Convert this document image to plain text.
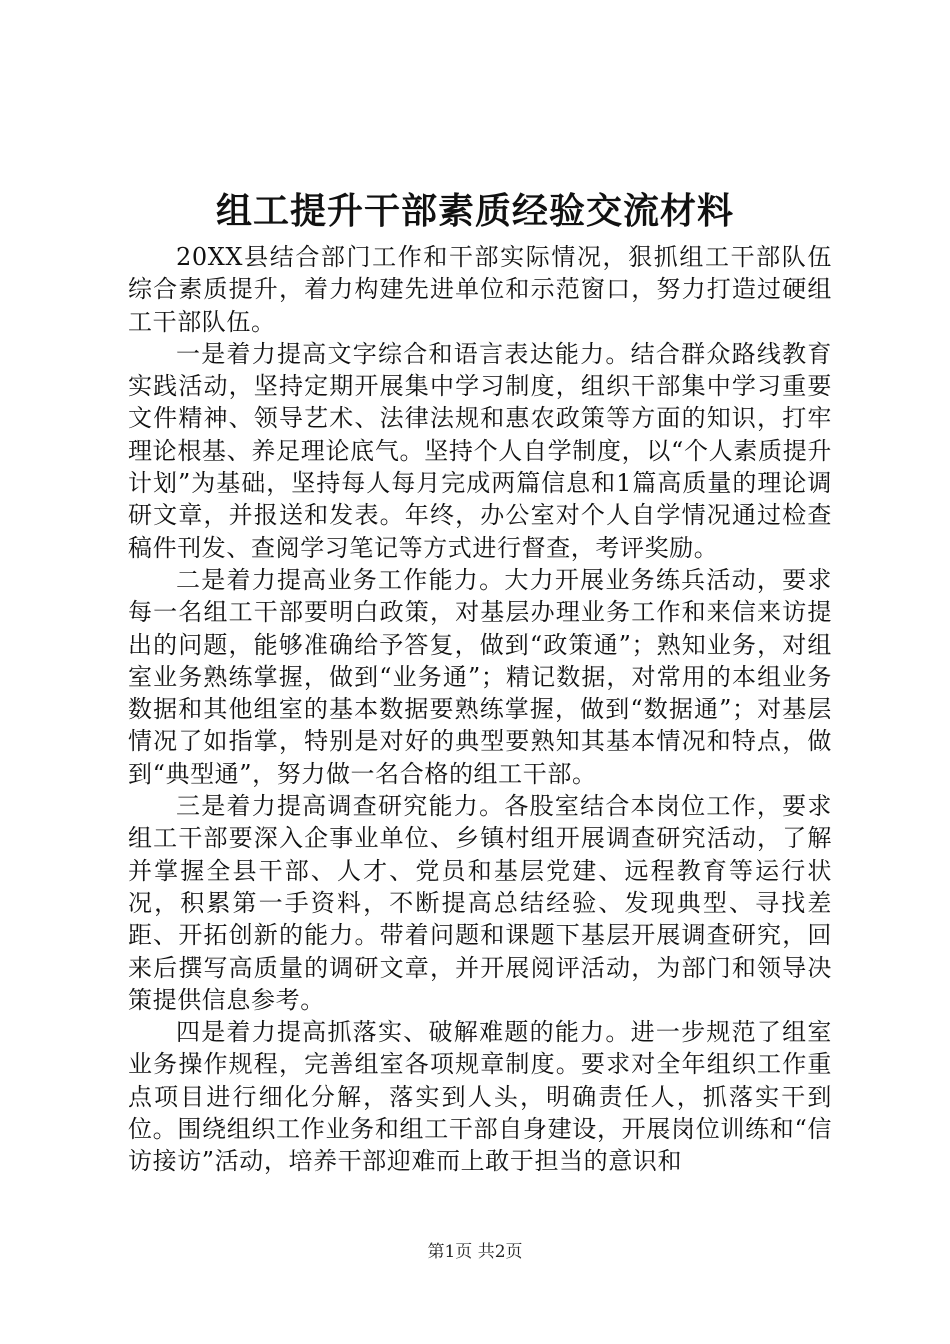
组工提升干部素质经验交流材料

20XX县结合部门工作和干部实际情况，狠抓组工干部队伍综合素质提升，着力构建先进单位和示范窗口，努力打造过硬组工干部队伍。

一是着力提高文字综合和语言表达能力。结合群众路线教育实践活动，坚持定期开展集中学习制度，组织干部集中学习重要文件精神、领导艺术、法律法规和惠农政策等方面的知识，打牢理论根基、养足理论底气。坚持个人自学制度，以“个人素质提升计划”为基础，坚持每人每月完成两篇信息和1篇高质量的理论调研文章，并报送和发表。年终，办公室对个人自学情况通过检查稿件刊发、查阅学习笔记等方式进行督查，考评奖励。

二是着力提高业务工作能力。大力开展业务练兵活动，要求每一名组工干部要明白政策，对基层办理业务工作和来信来访提出的问题，能够准确给予答复，做到“政策通”；熟知业务，对组室业务熟练掌握，做到“业务通”；精记数据，对常用的本组业务数据和其他组室的基本数据要熟练掌握，做到“数据通”；对基层情况了如指掌，特别是对好的典型要熟知其基本情况和特点，做到“典型通”，努力做一名合格的组工干部。

三是着力提高调查研究能力。各股室结合本岗位工作，要求组工干部要深入企事业单位、乡镇村组开展调查研究活动，了解并掌握全县干部、人才、党员和基层党建、远程教育等运行状况，积累第一手资料，不断提高总结经验、发现典型、寻找差距、开拓创新的能力。带着问题和课题下基层开展调查研究，回来后撰写高质量的调研文章，并开展阅评活动，为部门和领导决策提供信息参考。

四是着力提高抓落实、破解难题的能力。进一步规范了组室业务操作规程，完善组室各项规章制度。要求对全年组织工作重点项目进行细化分解，落实到人头，明确责任人，抓落实干到位。围绕组织工作业务和组工干部自身建设，开展岗位训练和“信访接访”活动，培养干部迎难而上敢于担当的意识和

第1页 共2页
